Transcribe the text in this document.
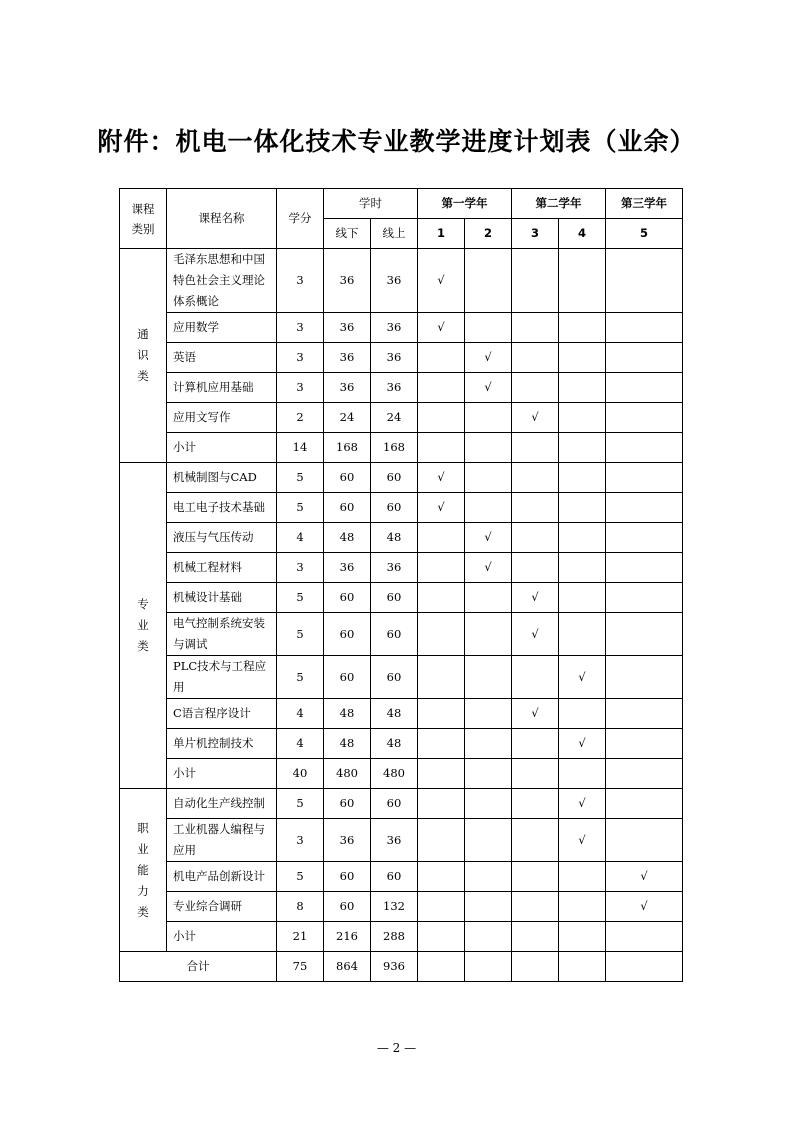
附件：机电一体化技术专业教学进度计划表（业余）
课程类别	课程名称	学分	学时		第一学年		第二学年		第三学年
			线下	线上	1	2	3	4	5
通识类	毛泽东思想和中国特色社会主义理论体系概论	3	36	36	√				
	应用数学	3	36	36	√				
	英语	3	36	36		√			
	计算机应用基础	3	36	36		√			
	应用文写作	2	24	24			√		
	小计	14	168	168					
专业类	机械制图与CAD	5	60	60	√				
	电工电子技术基础	5	60	60	√				
	液压与气压传动	4	48	48		√			
	机械工程材料	3	36	36		√			
	机械设计基础	5	60	60			√		
	电气控制系统安装与调试	5	60	60			√		
	PLC技术与工程应用	5	60	60				√	
	C语言程序设计	4	48	48			√		
	单片机控制技术	4	48	48				√	
	小计	40	480	480					
职业能力类	自动化生产线控制	5	60	60				√	
	工业机器人编程与应用	3	36	36				√	
	机电产品创新设计	5	60	60					√
	专业综合调研	8	60	132					√
	小计	21	216	288					
合计		75	864	936					
— 2 —
